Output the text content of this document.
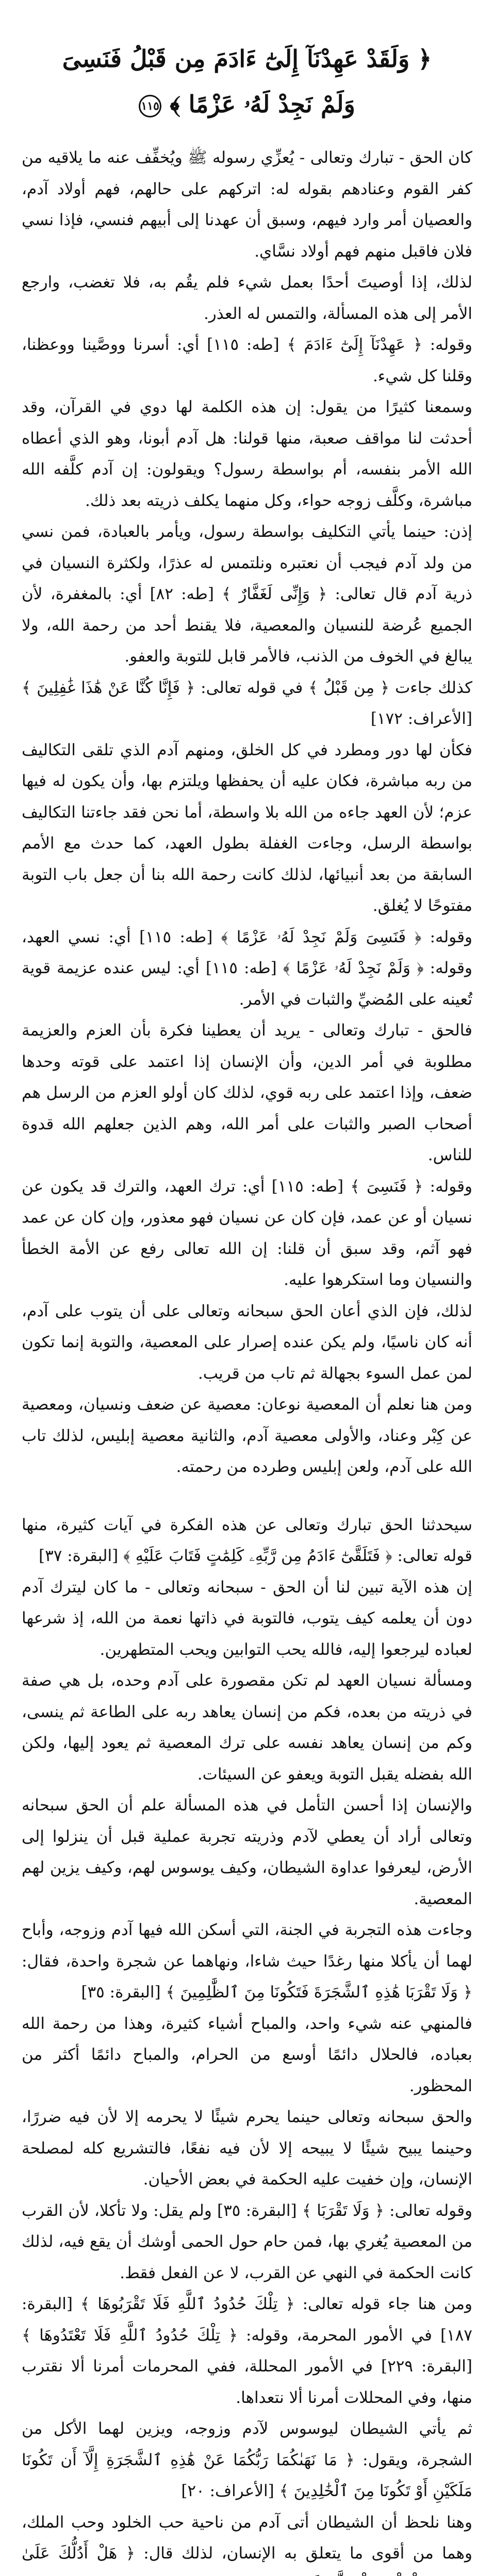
﴿ وَلَقَدْ عَهِدْنَآ إِلَىٰٓ ءَادَمَ مِن قَبْلُ فَنَسِىَ
وَلَمْ نَجِدْ لَهُۥ عَزْمًا ﴾ ١١٥

كان الحق - تبارك وتعالى - يُعزِّي رسوله ﷺ ويُخفِّف عنه ما يلاقيه من كفر القوم وعنادهم بقوله له: اتركهم على حالهم، فهم أولاد آدم، والعصيان أمر وارد فيهم، وسبق أن عهدنا إلى أبيهم فنسي، فإذا نسي فلان فاقبل منهم فهم أولاد نسَّاي.

لذلك، إذا أوصيتَ أحدًا بعمل شيء فلم يقُم به، فلا تغضب، وارجع الأمر إلى هذه المسألة، والتمس له العذر.

وقوله: ﴿ عَهِدْنَآ إِلَىٰٓ ءَادَمَ ﴾ [طه: ١١٥] أي: أسرنا ووصَّينا ووعظنا، وقلنا كل شيء.

وسمعنا كثيرًا من يقول: إن هذه الكلمة لها دوي في القرآن، وقد أحدثت لنا مواقف صعبة، منها قولنا: هل آدم أبونا، وهو الذي أعطاه الله الأمر بنفسه، أم بواسطة رسول؟ ويقولون: إن آدم كلَّفه الله مباشرة، وكلَّف زوجه حواء، وكل منهما يكلف ذريته بعد ذلك.

إذن: حينما يأتي التكليف بواسطة رسول، ويأمر بالعبادة، فمن نسي من ولد آدم فيجب أن نعتبره ونلتمس له عذرًا، ولكثرة النسيان في ذرية آدم قال تعالى: ﴿ وَإِنِّى لَغَفَّارٌ ﴾ [طه: ٨٢] أي: بالمغفرة، لأن الجميع عُرضة للنسيان والمعصية، فلا يقنط أحد من رحمة الله، ولا يبالغ في الخوف من الذنب، فالأمر قابل للتوبة والعفو.

كذلك جاءت ﴿ مِن قَبْلُ ﴾ في قوله تعالى: ﴿ فَإِنَّا كُنَّا عَنْ هَٰذَا غَٰفِلِينَ ﴾ [الأعراف: ١٧٢]

فكأن لها دور ومطرد في كل الخلق، ومنهم آدم الذي تلقى التكاليف من ربه مباشرة، فكان عليه أن يحفظها ويلتزم بها، وأن يكون له فيها عزم؛ لأن العهد جاءه من الله بلا واسطة، أما نحن فقد جاءتنا التكاليف بواسطة الرسل، وجاءت الغفلة بطول العهد، كما حدث مع الأمم السابقة من بعد أنبيائها، لذلك كانت رحمة الله بنا أن جعل باب التوبة مفتوحًا لا يُغلق.

وقوله: ﴿ فَنَسِىَ وَلَمْ نَجِدْ لَهُۥ عَزْمًا ﴾ [طه: ١١٥] أي: نسي العهد، وقوله: ﴿ وَلَمْ نَجِدْ لَهُۥ عَزْمًا ﴾ [طه: ١١٥] أي: ليس عنده عزيمة قوية تُعينه على المُضيِّ والثبات في الأمر.

فالحق - تبارك وتعالى - يريد أن يعطينا فكرة بأن العزم والعزيمة مطلوبة في أمر الدين، وأن الإنسان إذا اعتمد على قوته وحدها ضعف، وإذا اعتمد على ربه قوي، لذلك كان أولو العزم من الرسل هم أصحاب الصبر والثبات على أمر الله، وهم الذين جعلهم الله قدوة للناس.

وقوله: ﴿ فَنَسِىَ ﴾ [طه: ١١٥] أي: ترك العهد، والترك قد يكون عن نسيان أو عن عمد، فإن كان عن نسيان فهو معذور، وإن كان عن عمد فهو آثم، وقد سبق أن قلنا: إن الله تعالى رفع عن الأمة الخطأ والنسيان وما استكرهوا عليه.

لذلك، فإن الذي أعان الحق سبحانه وتعالى على أن يتوب على آدم، أنه كان ناسيًا، ولم يكن عنده إصرار على المعصية، والتوبة إنما تكون لمن عمل السوء بجهالة ثم تاب من قريب.

ومن هنا نعلم أن المعصية نوعان: معصية عن ضعف ونسيان، ومعصية عن كِبْر وعناد، والأولى معصية آدم، والثانية معصية إبليس، لذلك تاب الله على آدم، ولعن إبليس وطرده من رحمته.

سيحدثنا الحق تبارك وتعالى عن هذه الفكرة في آيات كثيرة، منها قوله تعالى: ﴿ فَتَلَقَّىٰٓ ءَادَمُ مِن رَّبِّهِۦ كَلِمَٰتٍ فَتَابَ عَلَيْهِ ﴾ [البقرة: ٣٧]

إن هذه الآية تبين لنا أن الحق - سبحانه وتعالى - ما كان ليترك آدم دون أن يعلمه كيف يتوب، فالتوبة في ذاتها نعمة من الله، إذ شرعها لعباده ليرجعوا إليه، فالله يحب التوابين ويحب المتطهرين.

ومسألة نسيان العهد لم تكن مقصورة على آدم وحده، بل هي صفة في ذريته من بعده، فكم من إنسان يعاهد ربه على الطاعة ثم ينسى، وكم من إنسان يعاهد نفسه على ترك المعصية ثم يعود إليها، ولكن الله بفضله يقبل التوبة ويعفو عن السيئات.

والإنسان إذا أحسن التأمل في هذه المسألة علم أن الحق سبحانه وتعالى أراد أن يعطي لآدم وذريته تجربة عملية قبل أن ينزلوا إلى الأرض، ليعرفوا عداوة الشيطان، وكيف يوسوس لهم، وكيف يزين لهم المعصية.

وجاءت هذه التجربة في الجنة، التي أسكن الله فيها آدم وزوجه، وأباح لهما أن يأكلا منها رغدًا حيث شاءا، ونهاهما عن شجرة واحدة، فقال: ﴿ وَلَا تَقْرَبَا هَٰذِهِ ٱلشَّجَرَةَ فَتَكُونَا مِنَ ٱلظَّٰلِمِينَ ﴾ [البقرة: ٣٥]

فالمنهي عنه شيء واحد، والمباح أشياء كثيرة، وهذا من رحمة الله بعباده، فالحلال دائمًا أوسع من الحرام، والمباح دائمًا أكثر من المحظور.

والحق سبحانه وتعالى حينما يحرم شيئًا لا يحرمه إلا لأن فيه ضررًا، وحينما يبيح شيئًا لا يبيحه إلا لأن فيه نفعًا، فالتشريع كله لمصلحة الإنسان، وإن خفيت عليه الحكمة في بعض الأحيان.

وقوله تعالى: ﴿ وَلَا تَقْرَبَا ﴾ [البقرة: ٣٥] ولم يقل: ولا تأكلا، لأن القرب من المعصية يُغري بها، فمن حام حول الحمى أوشك أن يقع فيه، لذلك كانت الحكمة في النهي عن القرب، لا عن الفعل فقط.

ومن هنا جاء قوله تعالى: ﴿ تِلْكَ حُدُودُ ٱللَّهِ فَلَا تَقْرَبُوهَا ﴾ [البقرة: ١٨٧] في الأمور المحرمة، وقوله: ﴿ تِلْكَ حُدُودُ ٱللَّهِ فَلَا تَعْتَدُوهَا ﴾ [البقرة: ٢٢٩] في الأمور المحللة، ففي المحرمات أمرنا ألا نقترب منها، وفي المحللات أمرنا ألا نتعداها.

ثم يأتي الشيطان ليوسوس لآدم وزوجه، ويزين لهما الأكل من الشجرة، ويقول: ﴿ مَا نَهَىٰكُمَا رَبُّكُمَا عَنْ هَٰذِهِ ٱلشَّجَرَةِ إِلَّآ أَن تَكُونَا مَلَكَيْنِ أَوْ تَكُونَا مِنَ ٱلْخَٰلِدِينَ ﴾ [الأعراف: ٢٠]

وهنا نلحظ أن الشيطان أتى آدم من ناحية حب الخلود وحب الملك، وهما من أقوى ما يتعلق به الإنسان، لذلك قال: ﴿ هَلْ أَدُلُّكَ عَلَىٰ
